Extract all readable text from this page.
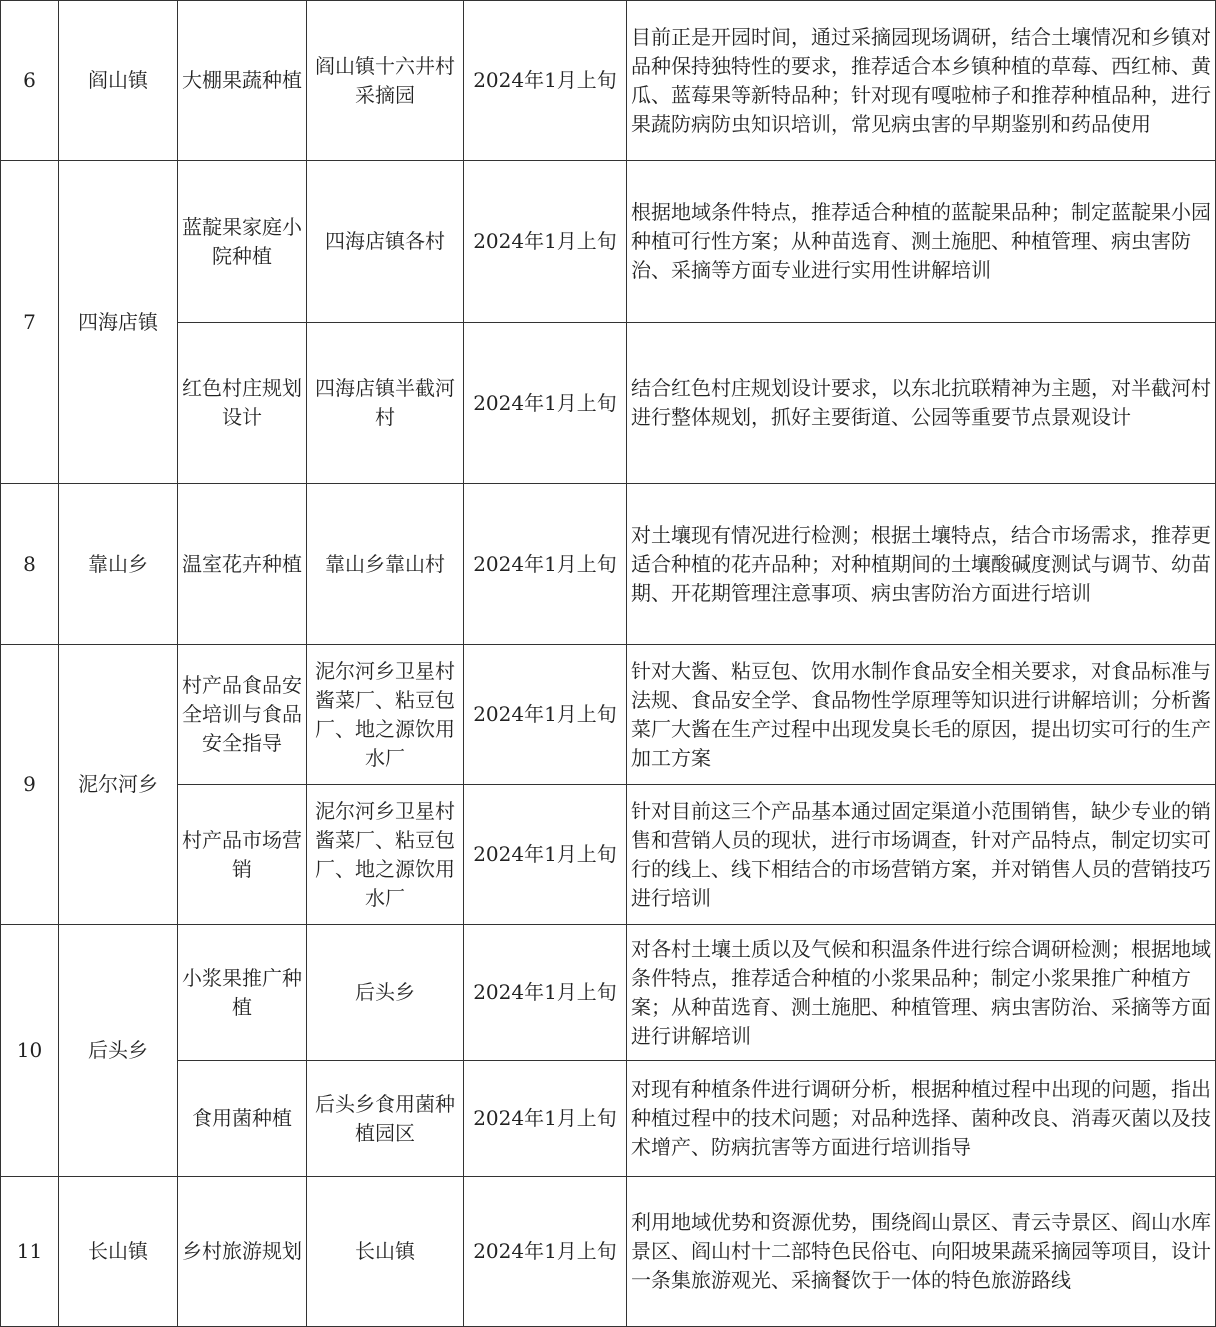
6	阎山镇	大棚果蔬种植	阎山镇十六井村采摘园	2024年1月上旬	目前正是开园时间，通过采摘园现场调研，结合土壤情况和乡镇对品种保持独特性的要求，推荐适合本乡镇种植的草莓、西红柿、黄瓜、蓝莓果等新特品种；针对现有嘎啦柿子和推荐种植品种，进行果蔬防病防虫知识培训，常见病虫害的早期鉴别和药品使用
7	四海店镇	蓝靛果家庭小院种植	四海店镇各村	2024年1月上旬	根据地域条件特点，推荐适合种植的蓝靛果品种；制定蓝靛果小园种植可行性方案；从种苗选育、测土施肥、种植管理、病虫害防治、采摘等方面专业进行实用性讲解培训
		红色村庄规划设计	四海店镇半截河村	2024年1月上旬	结合红色村庄规划设计要求，以东北抗联精神为主题，对半截河村进行整体规划，抓好主要街道、公园等重要节点景观设计
8	靠山乡	温室花卉种植	靠山乡靠山村	2024年1月上旬	对土壤现有情况进行检测；根据土壤特点，结合市场需求，推荐更适合种植的花卉品种；对种植期间的土壤酸碱度测试与调节、幼苗期、开花期管理注意事项、病虫害防治方面进行培训
9	泥尔河乡	村产品食品安全培训与食品安全指导	泥尔河乡卫星村酱菜厂、粘豆包厂、地之源饮用水厂	2024年1月上旬	针对大酱、粘豆包、饮用水制作食品安全相关要求，对食品标准与法规、食品安全学、食品物性学原理等知识进行讲解培训；分析酱菜厂大酱在生产过程中出现发臭长毛的原因，提出切实可行的生产加工方案
		村产品市场营销	泥尔河乡卫星村酱菜厂、粘豆包厂、地之源饮用水厂	2024年1月上旬	针对目前这三个产品基本通过固定渠道小范围销售，缺少专业的销售和营销人员的现状，进行市场调查，针对产品特点，制定切实可行的线上、线下相结合的市场营销方案，并对销售人员的营销技巧进行培训
10	后头乡	小浆果推广种植	后头乡	2024年1月上旬	对各村土壤土质以及气候和积温条件进行综合调研检测；根据地域条件特点，推荐适合种植的小浆果品种；制定小浆果推广种植方案；从种苗选育、测土施肥、种植管理、病虫害防治、采摘等方面进行讲解培训
		食用菌种植	后头乡食用菌种植园区	2024年1月上旬	对现有种植条件进行调研分析，根据种植过程中出现的问题，指出种植过程中的技术问题；对品种选择、菌种改良、消毒灭菌以及技术增产、防病抗害等方面进行培训指导
11	长山镇	乡村旅游规划	长山镇	2024年1月上旬	利用地域优势和资源优势，围绕阎山景区、青云寺景区、阎山水库景区、阎山村十二部特色民俗屯、向阳坡果蔬采摘园等项目，设计一条集旅游观光、采摘餐饮于一体的特色旅游路线
